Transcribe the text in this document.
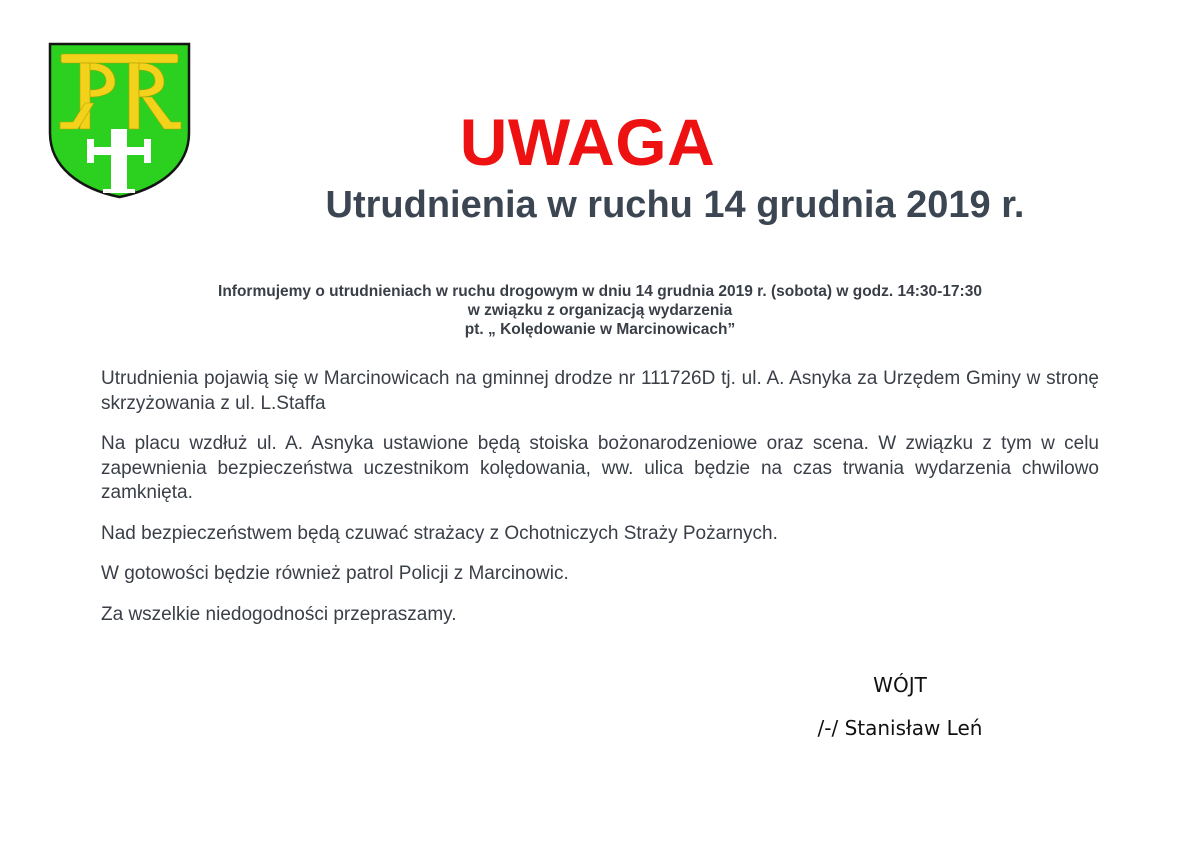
UWAGA
Utrudnienia w ruchu 14 grudnia 2019 r.
Informujemy o utrudnieniach w ruchu drogowym w dniu 14 grudnia 2019 r. (sobota) w godz. 14:30-17:30
w związku z organizacją wydarzenia
pt. „ Kolędowanie w Marcinowicach”

Utrudnienia pojawią się w Marcinowicach na gminnej drodze nr 111726D tj. ul. A. Asnyka za Urzędem Gminy w stronę skrzyżowania z ul. L.Staffa

Na placu wzdłuż ul. A. Asnyka ustawione będą stoiska bożonarodzeniowe oraz scena. W związku z tym w celu zapewnienia bezpieczeństwa uczestnikom kolędowania, ww. ulica będzie na czas trwania wydarzenia chwilowo zamknięta.

Nad bezpieczeństwem będą czuwać strażacy z Ochotniczych Straży Pożarnych.

W gotowości będzie również patrol Policji z Marcinowic.

Za wszelkie niedogodności przepraszamy.

WÓJT
/-/ Stanisław Leń
